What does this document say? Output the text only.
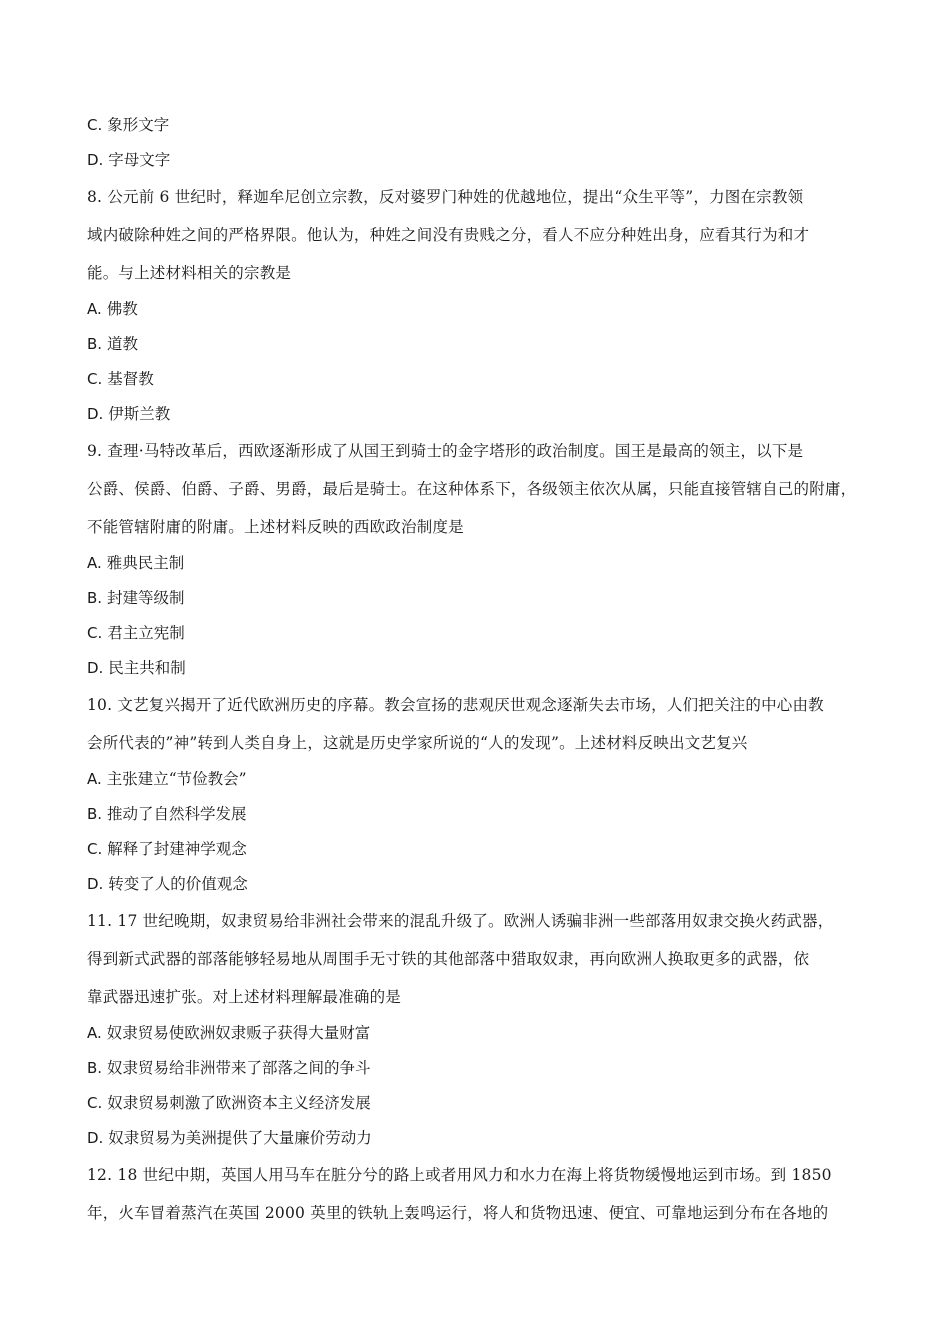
C. 象形文字
D. 字母文字
8. 公元前 6 世纪时，释迦牟尼创立宗教，反对婆罗门种姓的优越地位，提出“众生平等”，力图在宗教领
域内破除种姓之间的严格界限。他认为，种姓之间没有贵贱之分，看人不应分种姓出身，应看其行为和才
能。与上述材料相关的宗教是
A. 佛教
B. 道教
C. 基督教
D. 伊斯兰教
9. 查理·马特改革后，西欧逐渐形成了从国王到骑士的金字塔形的政治制度。国王是最高的领主，以下是
公爵、侯爵、伯爵、子爵、男爵，最后是骑士。在这种体系下，各级领主依次从属，只能直接管辖自己的附庸，
不能管辖附庸的附庸。上述材料反映的西欧政治制度是
A. 雅典民主制
B. 封建等级制
C. 君主立宪制
D. 民主共和制
10. 文艺复兴揭开了近代欧洲历史的序幕。教会宣扬的悲观厌世观念逐渐失去市场，人们把关注的中心由教
会所代表的”神”转到人类自身上，这就是历史学家所说的“人的发现”。上述材料反映出文艺复兴
A. 主张建立“节俭教会”
B. 推动了自然科学发展
C. 解释了封建神学观念
D. 转变了人的价值观念
11. 17 世纪晚期，奴隶贸易给非洲社会带来的混乱升级了。欧洲人诱骗非洲一些部落用奴隶交换火药武器，
得到新式武器的部落能够轻易地从周围手无寸铁的其他部落中猎取奴隶，再向欧洲人换取更多的武器，依
靠武器迅速扩张。对上述材料理解最准确的是
A. 奴隶贸易使欧洲奴隶贩子获得大量财富
B. 奴隶贸易给非洲带来了部落之间的争斗
C. 奴隶贸易刺激了欧洲资本主义经济发展
D. 奴隶贸易为美洲提供了大量廉价劳动力
12. 18 世纪中期，英国人用马车在脏分兮的路上或者用风力和水力在海上将货物缓慢地运到市场。到 1850
年，火车冒着蒸汽在英国 2000 英里的铁轨上轰鸣运行，将人和货物迅速、便宜、可靠地运到分布在各地的
